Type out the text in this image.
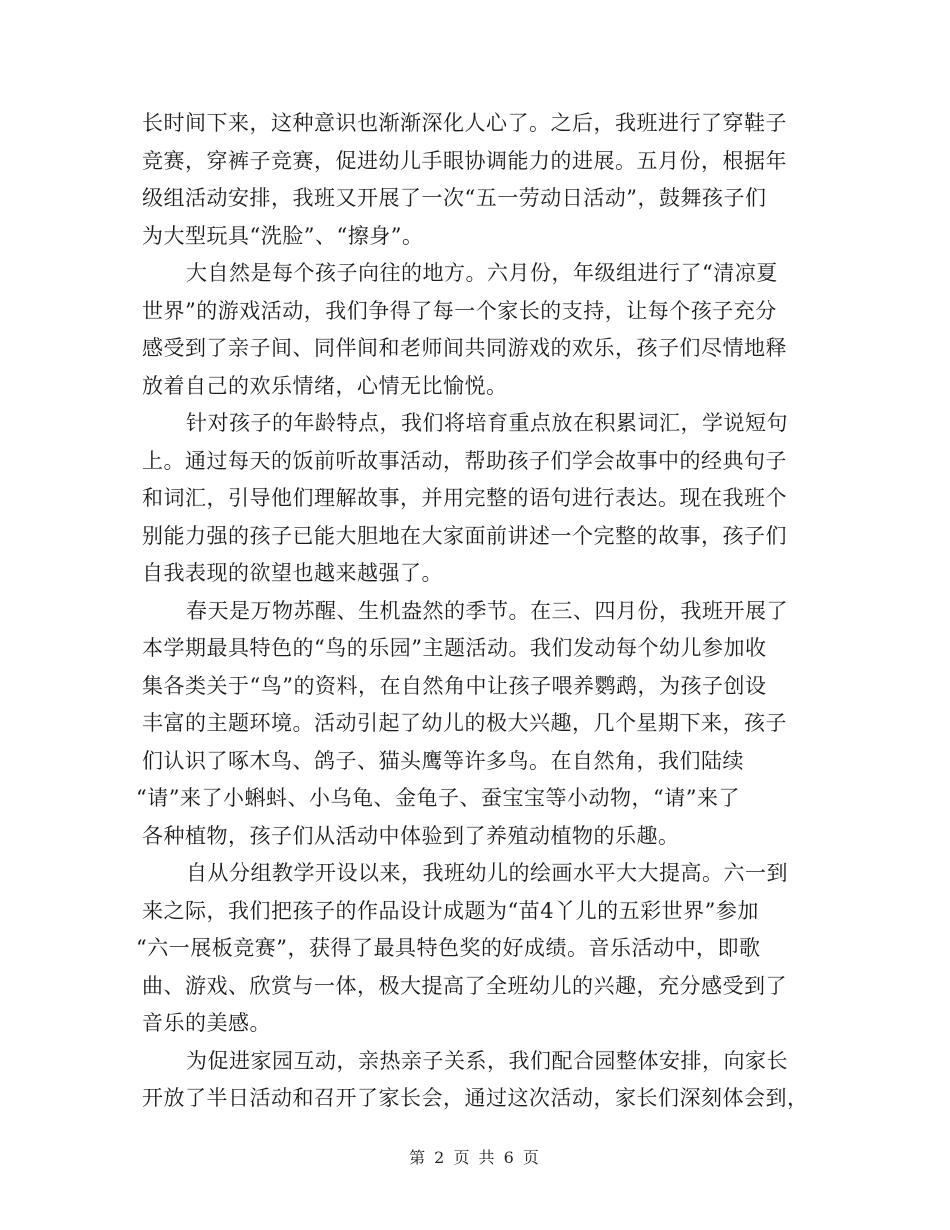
长时间下来，这种意识也渐渐深化人心了。之后，我班进行了穿鞋子
竞赛，穿裤子竞赛，促进幼儿手眼协调能力的进展。五月份，根据年
级组活动安排，我班又开展了一次“五一劳动日活动”，鼓舞孩子们
为大型玩具“洗脸”、“擦身”。
大自然是每个孩子向往的地方。六月份，年级组进行了“清凉夏
世界”的游戏活动，我们争得了每一个家长的支持，让每个孩子充分
感受到了亲子间、同伴间和老师间共同游戏的欢乐，孩子们尽情地释
放着自己的欢乐情绪，心情无比愉悦。
针对孩子的年龄特点，我们将培育重点放在积累词汇，学说短句
上。通过每天的饭前听故事活动，帮助孩子们学会故事中的经典句子
和词汇，引导他们理解故事，并用完整的语句进行表达。现在我班个
别能力强的孩子已能大胆地在大家面前讲述一个完整的故事，孩子们
自我表现的欲望也越来越强了。
春天是万物苏醒、生机盎然的季节。在三、四月份，我班开展了
本学期最具特色的“鸟的乐园”主题活动。我们发动每个幼儿参加收
集各类关于“鸟”的资料，在自然角中让孩子喂养鹦鹉，为孩子创设
丰富的主题环境。活动引起了幼儿的极大兴趣，几个星期下来，孩子
们认识了啄木鸟、鸽子、猫头鹰等许多鸟。在自然角，我们陆续
“请”来了小蝌蚪、小乌龟、金龟子、蚕宝宝等小动物，“请”来了
各种植物，孩子们从活动中体验到了养殖动植物的乐趣。
自从分组教学开设以来，我班幼儿的绘画水平大大提高。六一到
来之际，我们把孩子的作品设计成题为“苗4丫儿的五彩世界”参加
“六一展板竞赛”，获得了最具特色奖的好成绩。音乐活动中，即歌
曲、游戏、欣赏与一体，极大提高了全班幼儿的兴趣，充分感受到了
音乐的美感。
为促进家园互动，亲热亲子关系，我们配合园整体安排，向家长
开放了半日活动和召开了家长会，通过这次活动，家长们深刻体会到，
第 2 页 共 6 页
